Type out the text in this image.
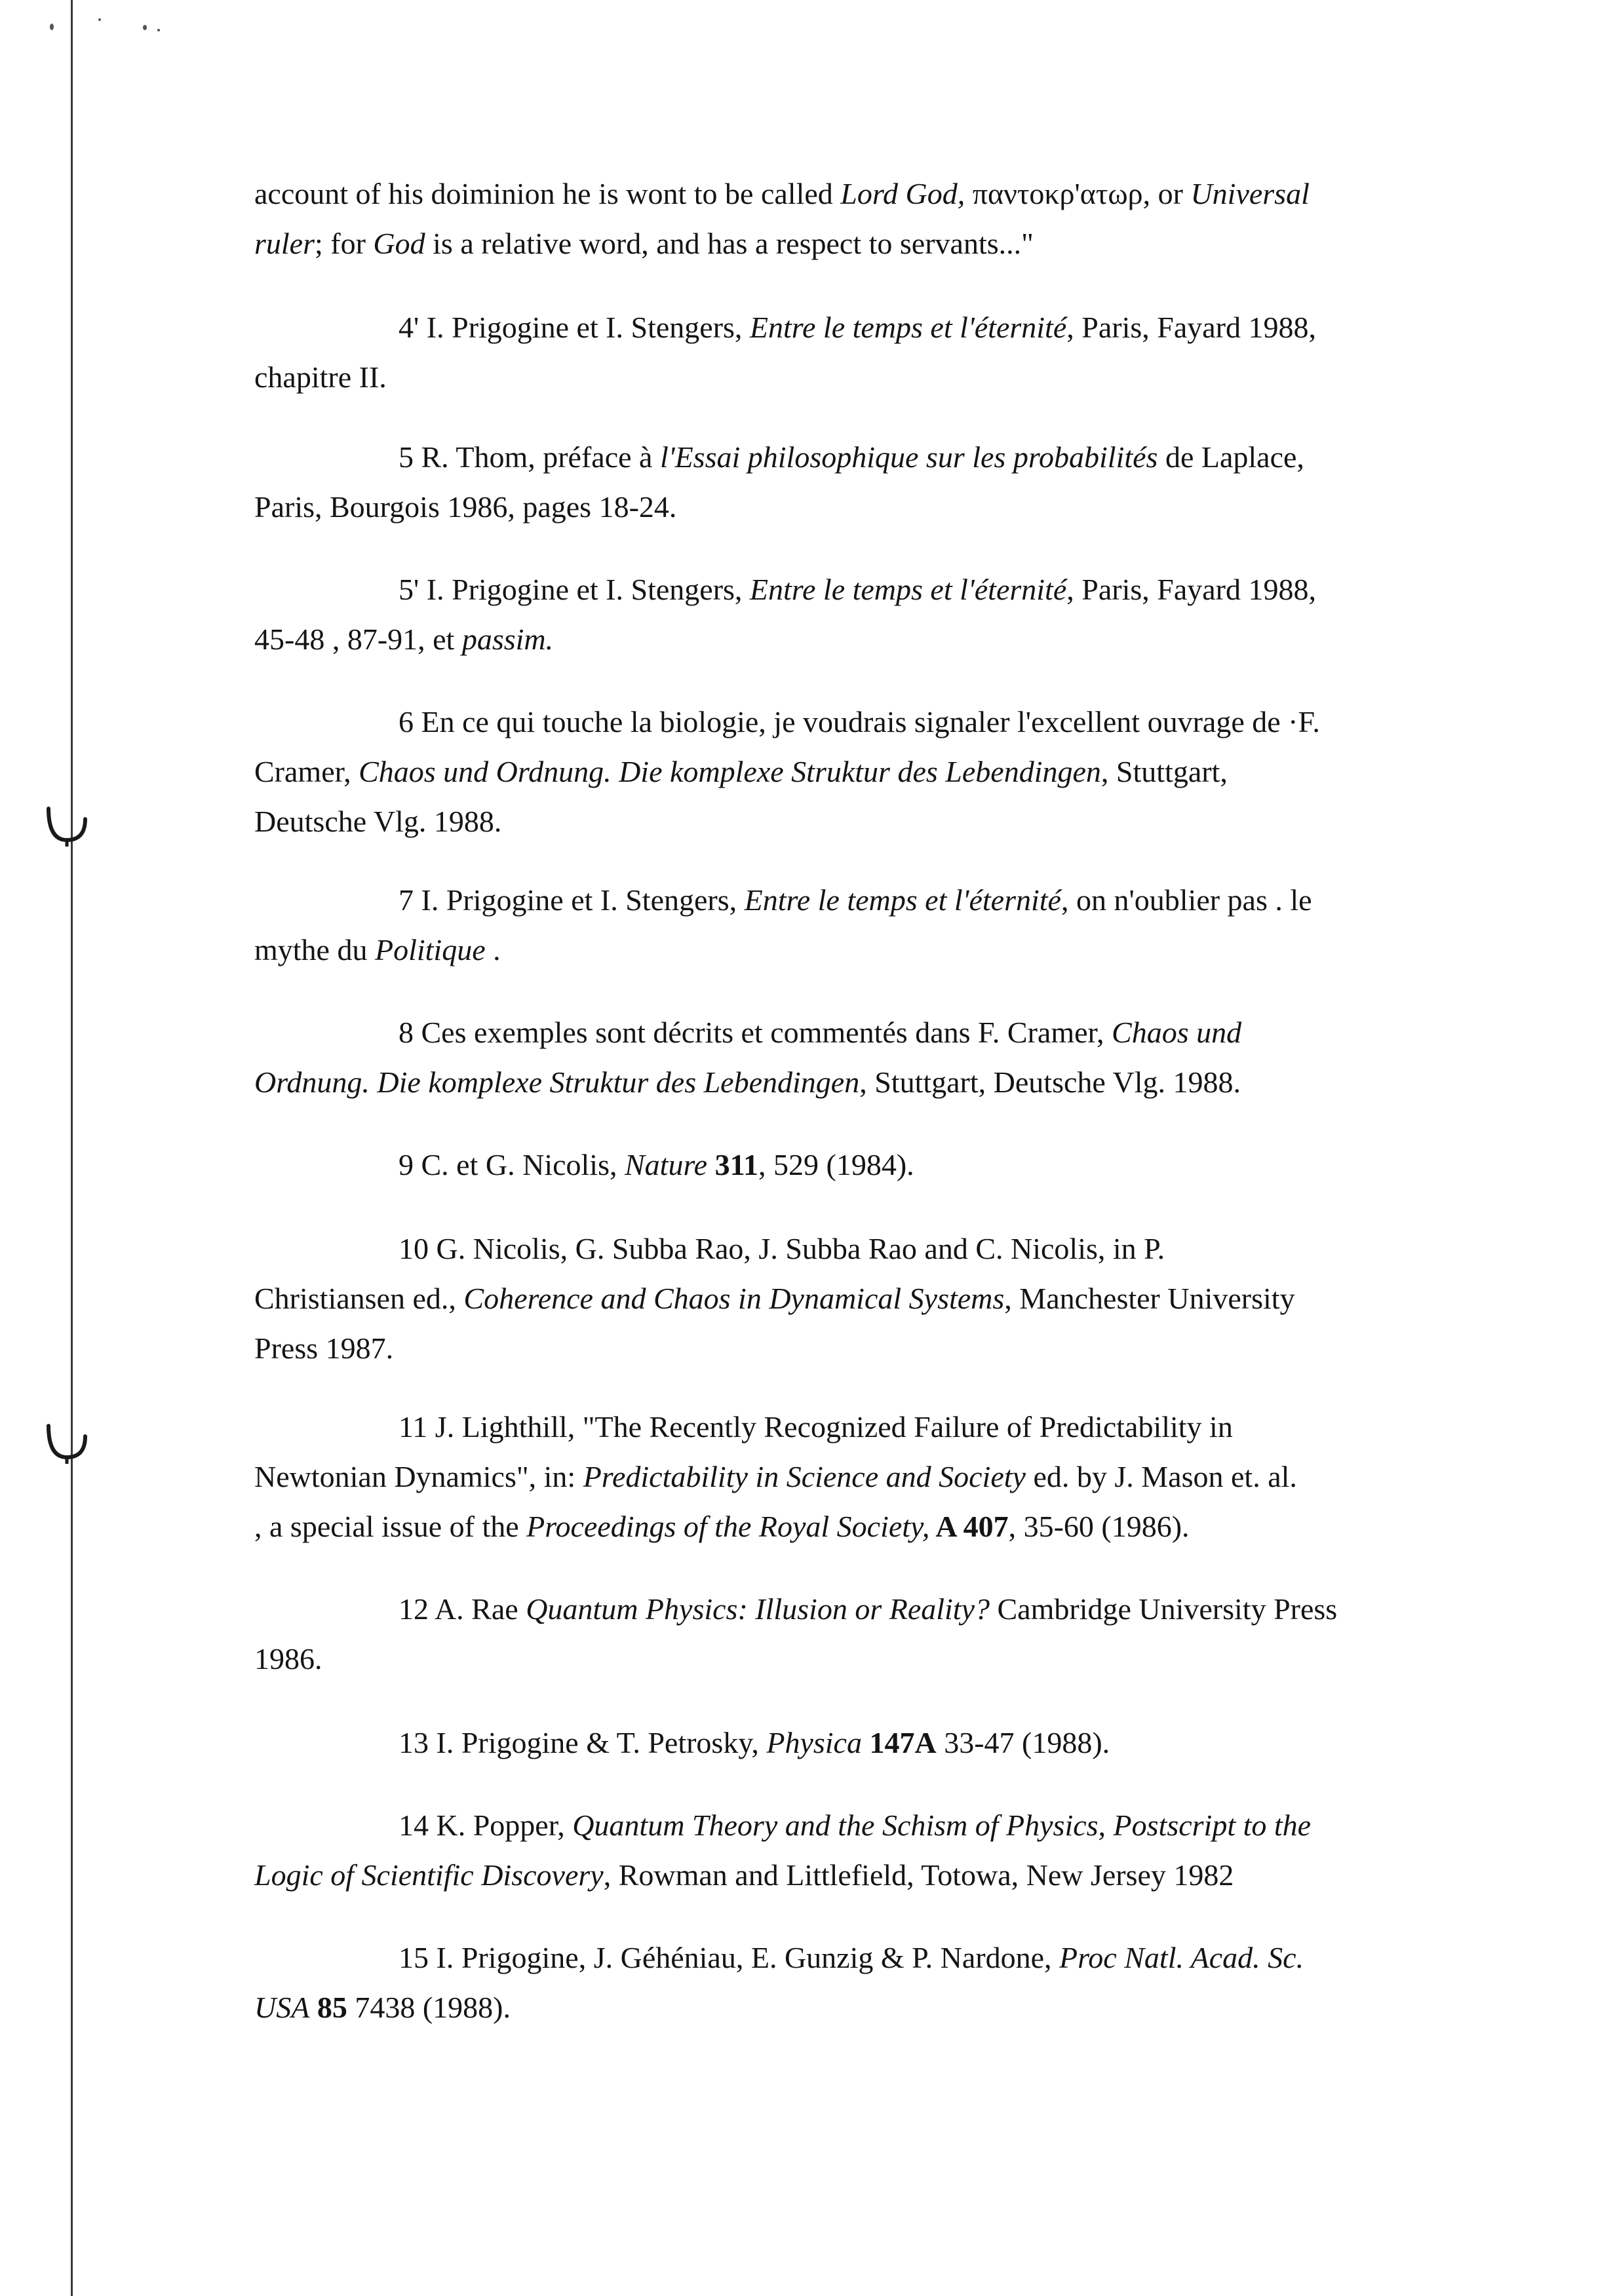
account of his doiminion he is wont to be called Lord God, παντοκρ'ατωρ, or Universal
ruler; for God is a relative word, and has a respect to servants..."
4' I. Prigogine et I. Stengers, Entre le temps et l'éternité, Paris, Fayard 1988,
chapitre II.
5 R. Thom, préface à l'Essai philosophique sur les probabilités de Laplace,
Paris, Bourgois 1986, pages 18-24.
5' I. Prigogine et I. Stengers, Entre le temps et l'éternité, Paris, Fayard 1988,
45-48 , 87-91, et passim.
6 En ce qui touche la biologie, je voudrais signaler l'excellent ouvrage de ·F.
Cramer, Chaos und Ordnung. Die komplexe Struktur des Lebendingen, Stuttgart,
Deutsche Vlg. 1988.
7 I. Prigogine et I. Stengers, Entre le temps et l'éternité, on n'oublier pas . le
mythe du Politique .
8 Ces exemples sont décrits et commentés dans F. Cramer, Chaos und
Ordnung. Die komplexe Struktur des Lebendingen, Stuttgart, Deutsche Vlg. 1988.
9 C. et G. Nicolis, Nature 311, 529 (1984).
10 G. Nicolis, G. Subba Rao, J. Subba Rao and C. Nicolis, in P.
Christiansen ed., Coherence and Chaos in Dynamical Systems, Manchester University
Press 1987.
11 J. Lighthill, "The Recently Recognized Failure of Predictability in
Newtonian Dynamics", in: Predictability in Science and Society ed. by J. Mason et. al.
, a special issue of the Proceedings of the Royal Society, A 407, 35-60 (1986).
12 A. Rae Quantum Physics: Illusion or Reality? Cambridge University Press
1986.
13 I. Prigogine & T. Petrosky, Physica 147A 33-47 (1988).
14 K. Popper, Quantum Theory and the Schism of Physics, Postscript to the
Logic of Scientific Discovery, Rowman and Littlefield, Totowa, New Jersey 1982
15 I. Prigogine, J. Géhéniau, E. Gunzig & P. Nardone, Proc Natl. Acad. Sc.
USA 85 7438 (1988).
